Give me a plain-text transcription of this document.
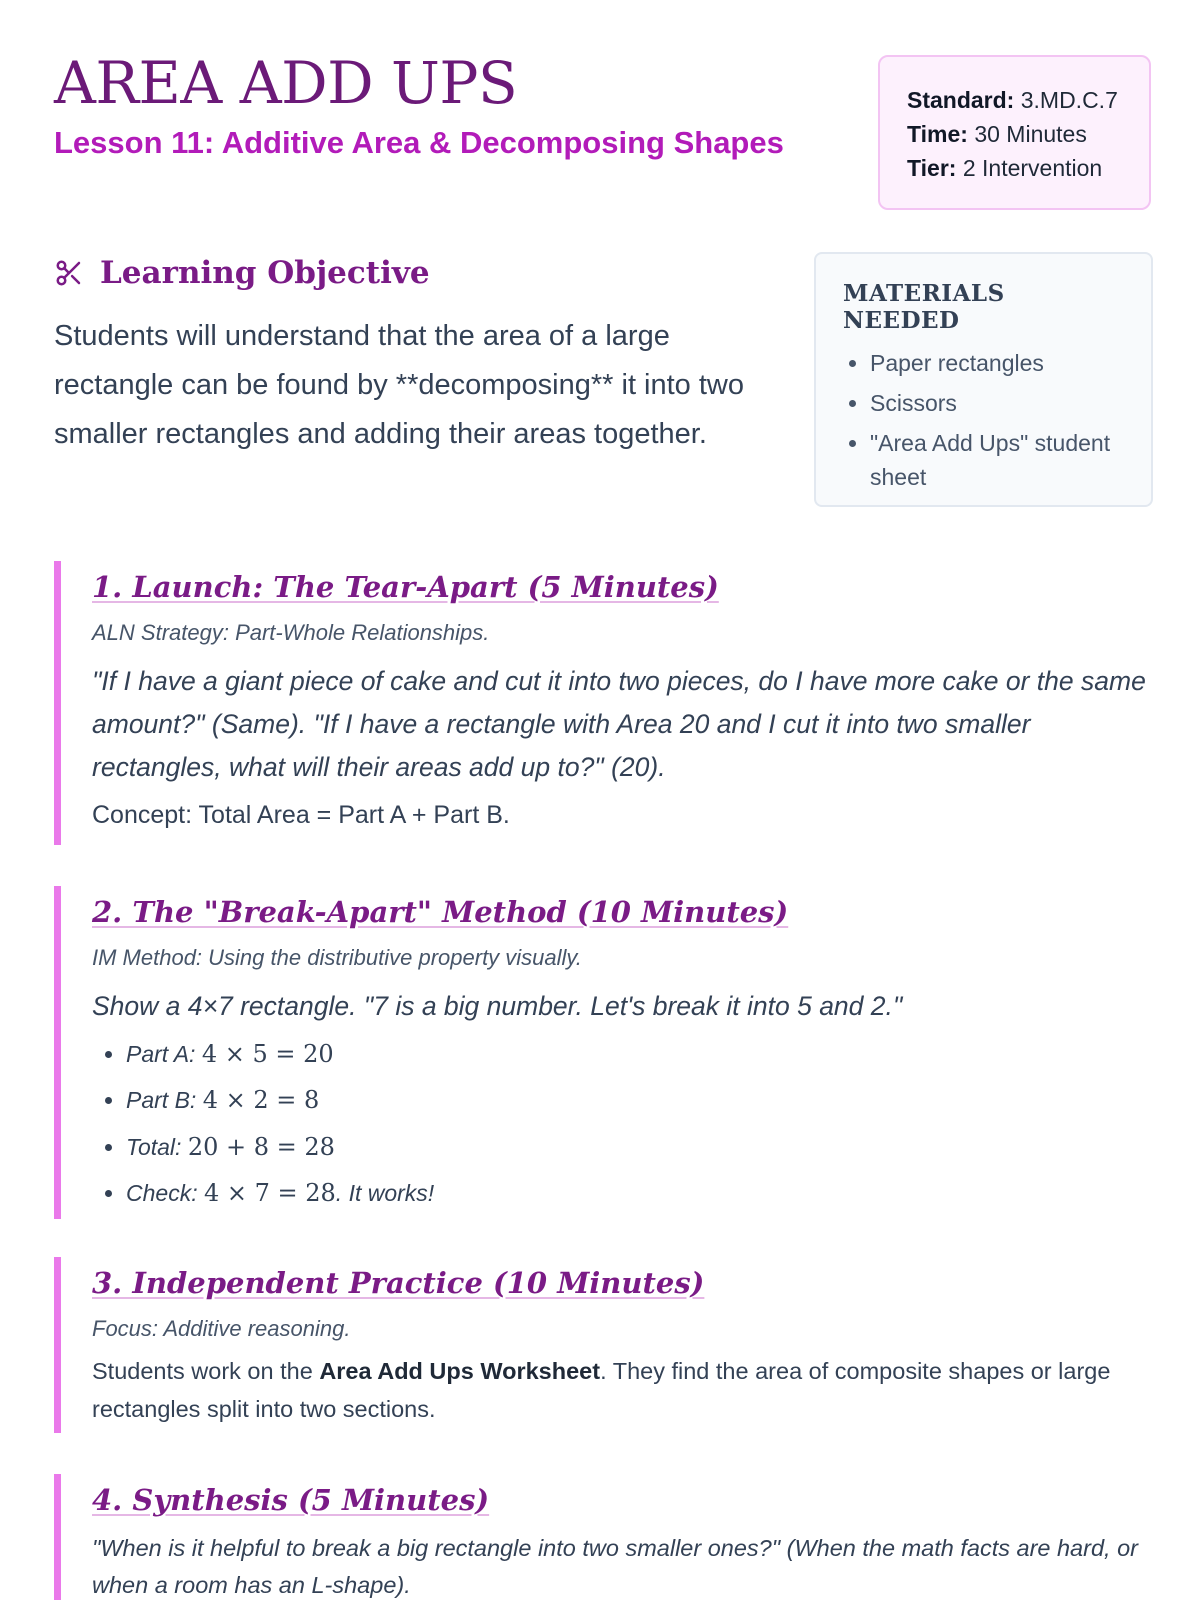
AREA ADD UPS
Lesson 11: Additive Area & Decomposing Shapes
Standard: 3.MD.C.7
Time: 30 Minutes
Tier: 2 Intervention
Learning Objective

Students will understand that the area of a large rectangle can be found by **decomposing** it into two smaller rectangles and adding their areas together.

MATERIALS NEEDED
• Paper rectangles
• Scissors
• "Area Add Ups" student sheet
1. Launch: The Tear-Apart (5 Minutes)

ALN Strategy: Part-Whole Relationships.

"If I have a giant piece of cake and cut it into two pieces, do I have more cake or the same amount?" (Same). "If I have a rectangle with Area 20 and I cut it into two smaller rectangles, what will their areas add up to?" (20).

Concept: Total Area = Part A + Part B.

2. The "Break-Apart" Method (10 Minutes)

IM Method: Using the distributive property visually.

Show a 4×7 rectangle. "7 is a big number. Let's break it into 5 and 2."

• Part A: 4 × 5 = 20
• Part B: 4 × 2 = 8
• Total: 20 + 8 = 28
• Check: 4 × 7 = 28. It works!
3. Independent Practice (10 Minutes)

Focus: Additive reasoning.

Students work on the Area Add Ups Worksheet. They find the area of composite shapes or large rectangles split into two sections.

4. Synthesis (5 Minutes)

"When is it helpful to break a big rectangle into two smaller ones?" (When the math facts are hard, or when a room has an L-shape).
